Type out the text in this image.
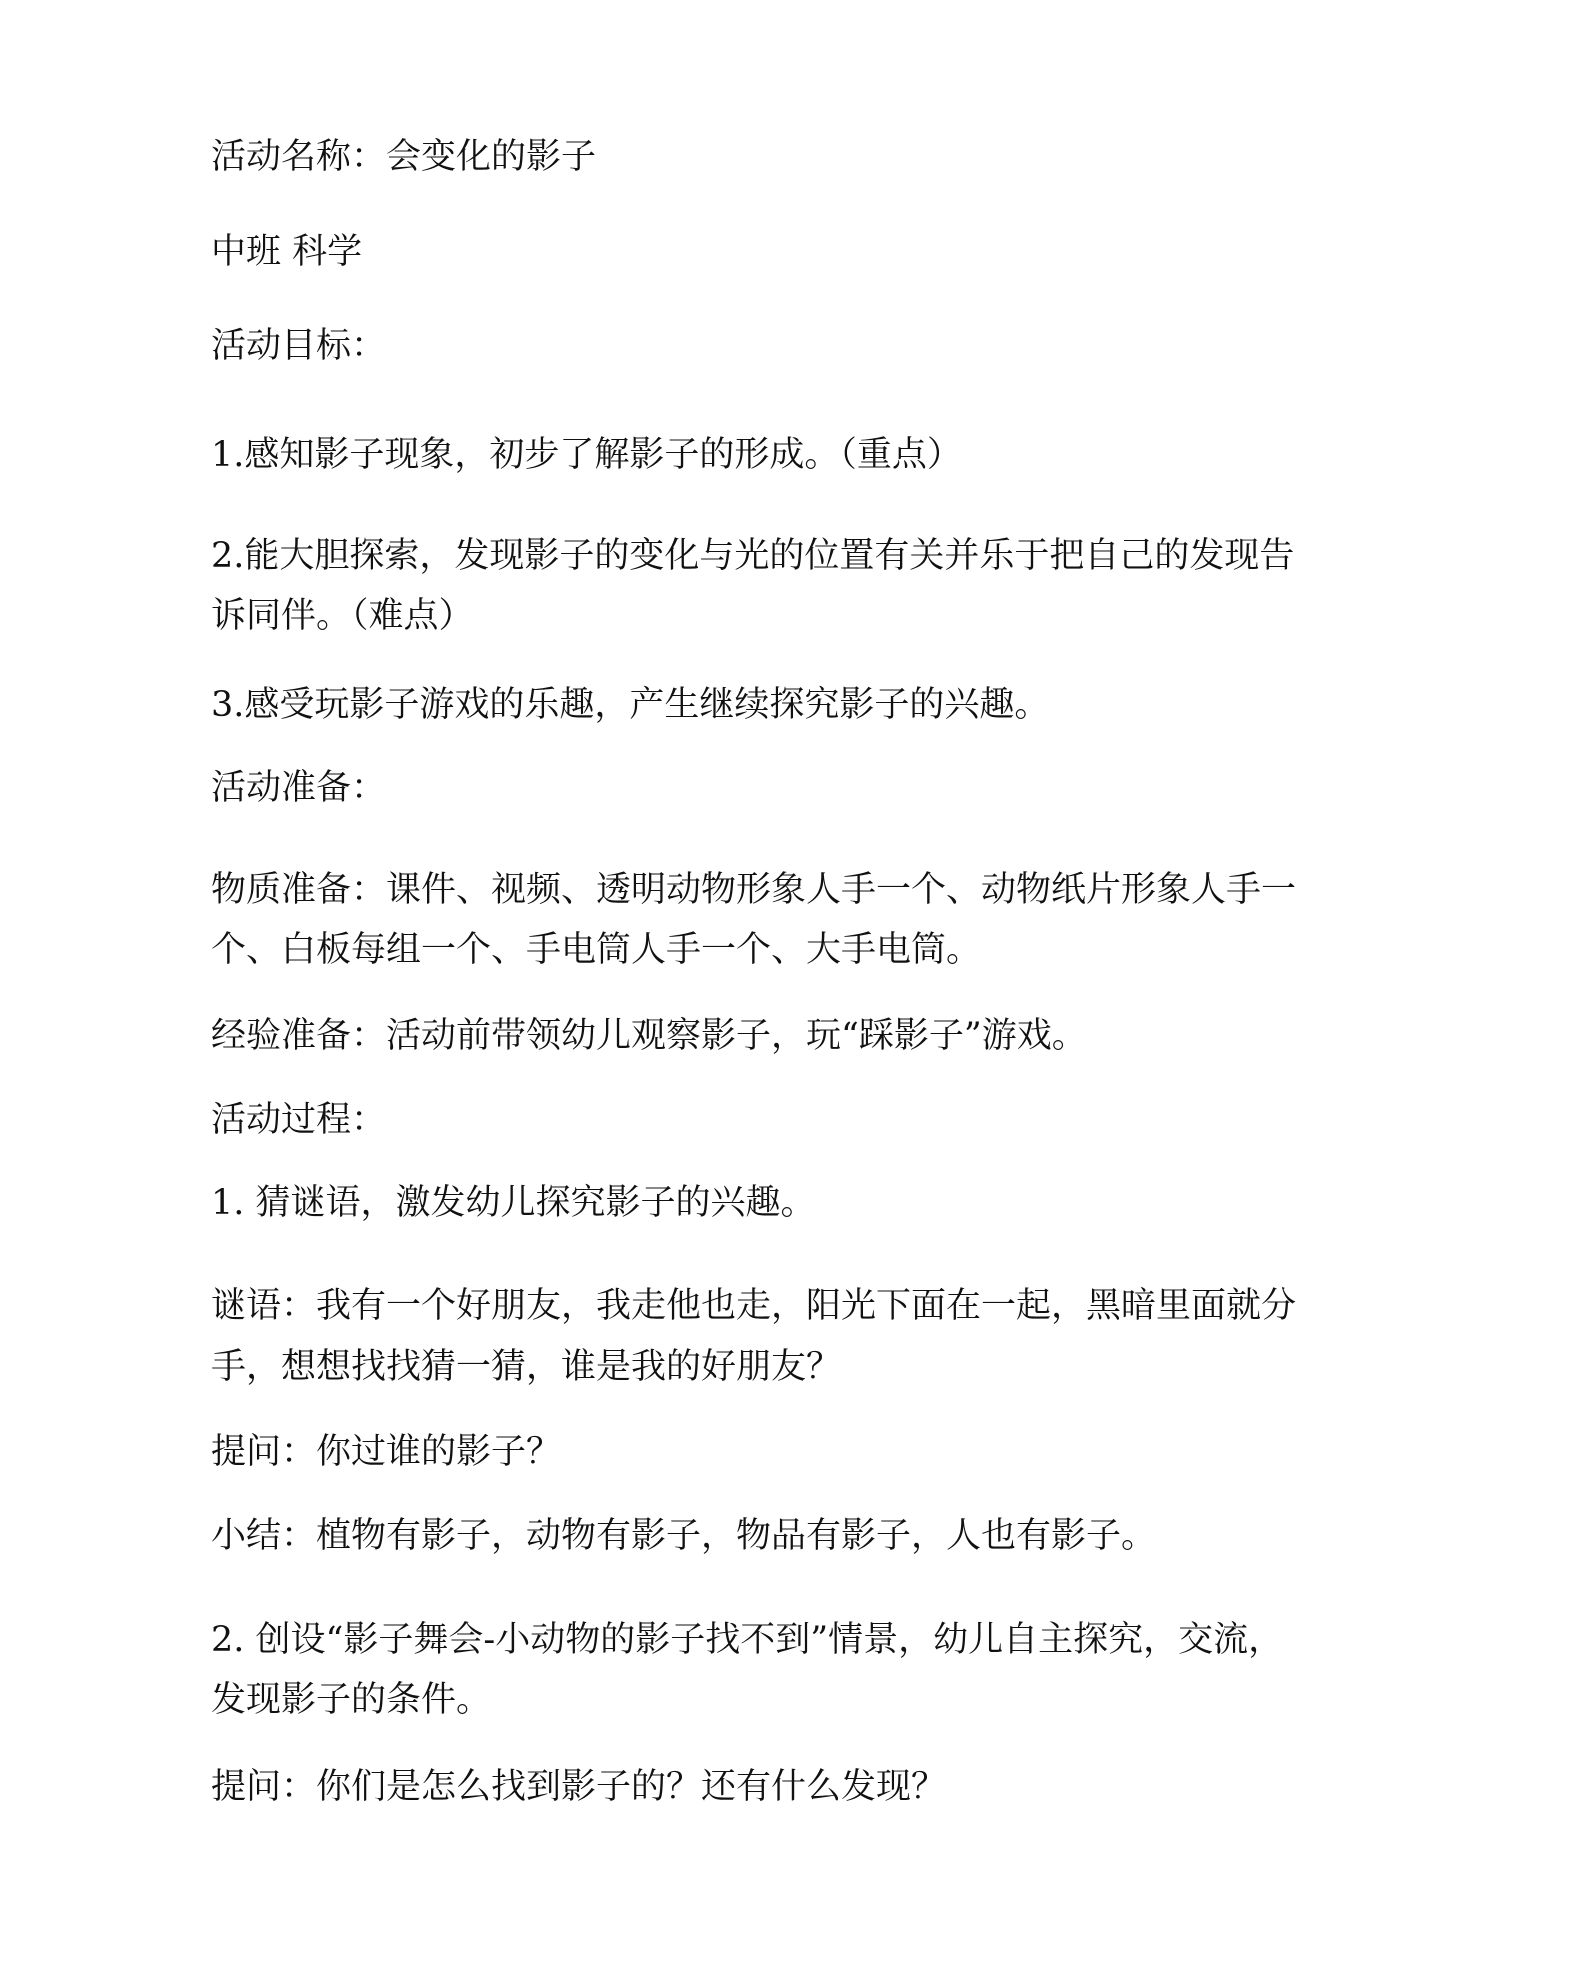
活动名称：会变化的影子
中班 科学
活动目标：
1.感知影子现象，初步了解影子的形成。（重点）
2.能大胆探索，发现影子的变化与光的位置有关并乐于把自己的发现告
诉同伴。（难点）
3.感受玩影子游戏的乐趣，产生继续探究影子的兴趣。
活动准备：
物质准备：课件、视频、透明动物形象人手一个、动物纸片形象人手一
个、白板每组一个、手电筒人手一个、大手电筒。
经验准备：活动前带领幼儿观察影子，玩“踩影子”游戏。
活动过程：
1. 猜谜语，激发幼儿探究影子的兴趣。
谜语：我有一个好朋友，我走他也走，阳光下面在一起，黑暗里面就分
手，想想找找猜一猜，谁是我的好朋友？
提问：你过谁的影子？
小结：植物有影子，动物有影子，物品有影子，人也有影子。
2. 创设“影子舞会-小动物的影子找不到”情景，幼儿自主探究，交流，
发现影子的条件。
提问：你们是怎么找到影子的？还有什么发现？
